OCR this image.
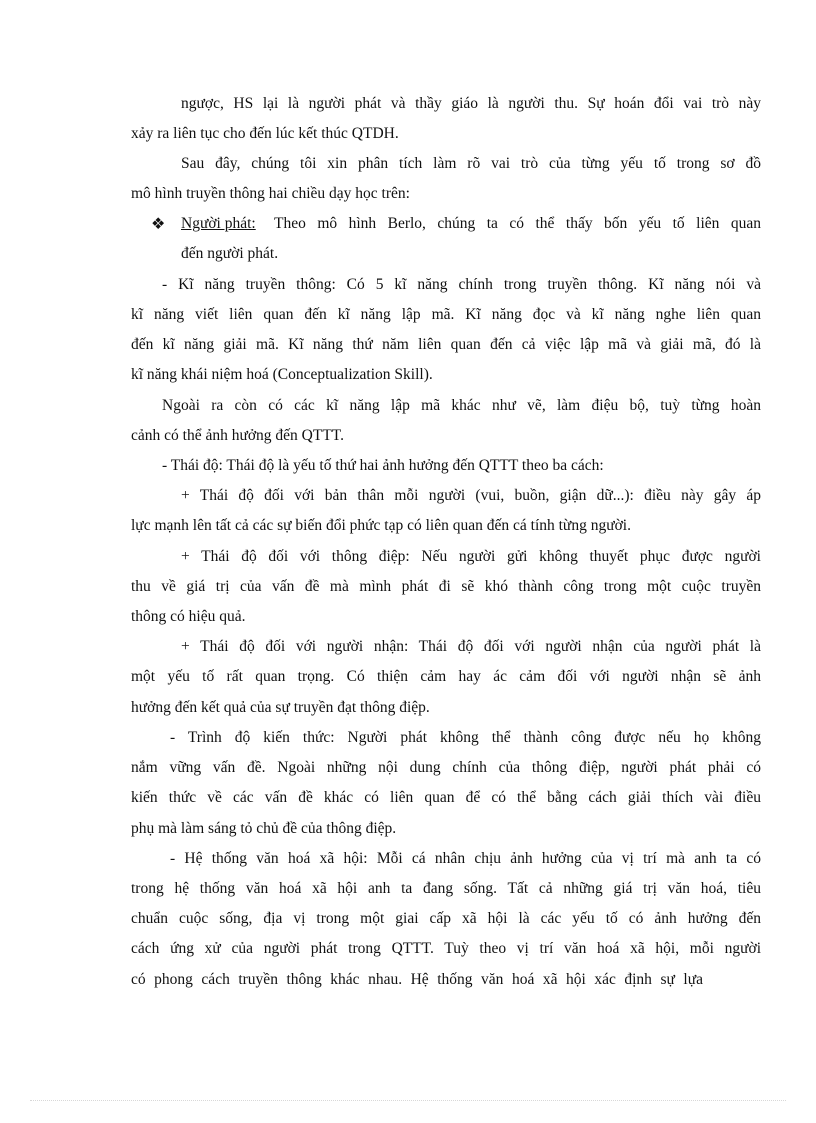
ngược, HS lại là người phát và thầy giáo là người thu. Sự hoán đổi vai trò này
xảy ra liên tục cho đến lúc kết thúc QTDH.
Sau đây, chúng tôi xin phân tích làm rõ vai trò của từng yếu tố trong sơ đồ
mô hình truyền thông hai chiều dạy học trên:
❖ Người phát:	Theo mô hình Berlo, chúng ta có thể thấy bốn yếu tố liên quan
đến người phát.
- Kĩ năng truyền thông: Có 5 kĩ năng chính trong truyền thông. Kĩ năng nói và
kĩ năng viết liên quan đến kĩ năng lập mã. Kĩ năng đọc và kĩ năng nghe liên quan
đến kĩ năng giải mã. Kĩ năng thứ năm liên quan đến cả việc lập mã và giải mã, đó là
kĩ năng khái niệm hoá (Conceptualization Skill).
Ngoài ra còn có các kĩ năng lập mã khác như vẽ, làm điệu bộ, tuỳ từng hoàn
cảnh có thể ảnh hưởng đến QTTT.
- Thái độ: Thái độ là yếu tố thứ hai ảnh hưởng đến QTTT theo ba cách:
+ Thái độ đối với bản thân mỗi người (vui, buồn, giận dữ...): điều này gây áp
lực mạnh lên tất cả các sự biến đổi phức tạp có liên quan đến cá tính từng người.
+ Thái độ đối với thông điệp: Nếu người gửi không thuyết phục được người
thu về giá trị của vấn đề mà mình phát đi sẽ khó thành công trong một cuộc truyền
thông có hiệu quả.
+ Thái độ đối với người nhận: Thái độ đối với người nhận của người phát là
một yếu tố rất quan trọng. Có thiện cảm hay ác cảm đối với người nhận sẽ ảnh
hưởng đến kết quả của sự truyền đạt thông điệp.
- Trình độ kiến thức: Người phát không thể thành công được nếu họ không
nắm vững vấn đề. Ngoài những nội dung chính của thông điệp, người phát phải có
kiến thức về các vấn đề khác có liên quan để có thể bằng cách giải thích vài điều
phụ mà làm sáng tỏ chủ đề của thông điệp.
- Hệ thống văn hoá xã hội: Mỗi cá nhân chịu ảnh hưởng của vị trí mà anh ta có
trong hệ thống văn hoá xã hội anh ta đang sống. Tất cả những giá trị văn hoá, tiêu
chuẩn cuộc sống, địa vị trong một giai cấp xã hội là các yếu tố có ảnh hưởng đến
cách ứng xử của người phát trong QTTT. Tuỳ theo vị trí văn hoá xã hội, mỗi người
có phong cách truyền thông khác nhau. Hệ thống văn hoá xã hội xác định sự lựa
